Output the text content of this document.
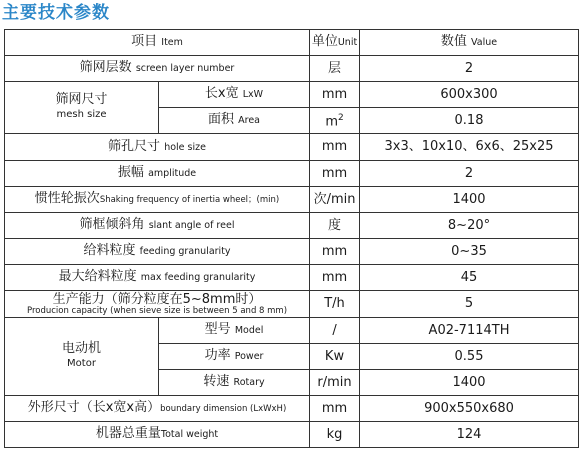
主要技术参数
项目 Item		单位Unit	数值 Value
筛网层数 screen layer number		层	2

筛网尺寸
mesh size	长x宽 LxW	mm	600x300
	面积 Area	$m^2$	0.18
筛孔尺寸 hole size		mm	3x3、10x10、6x6、25x25
振幅 amplitude		mm	2
惯性轮振次Shaking frequency of inertia wheel；(min)		次/min	1400
筛框倾斜角 slant angle of reel		度	8~20°
给料粒度 feeding granularity		mm	0~35
最大给料粒度 max feeding granularity		mm	45

生产能力（筛分粒度在5~8mm时）
Producion capacity (when sieve size is between 5 and 8 mm)		T/h	5

电动机
Motor	型号 Model	/	A02-7114TH
	功率 Power	Kw	0.55
	转速 Rotary	r/min	1400
外形尺寸（长x宽x高）boundary dimension (LxWxH)		mm	900x550x680
机器总重量Total weight		kg	124
